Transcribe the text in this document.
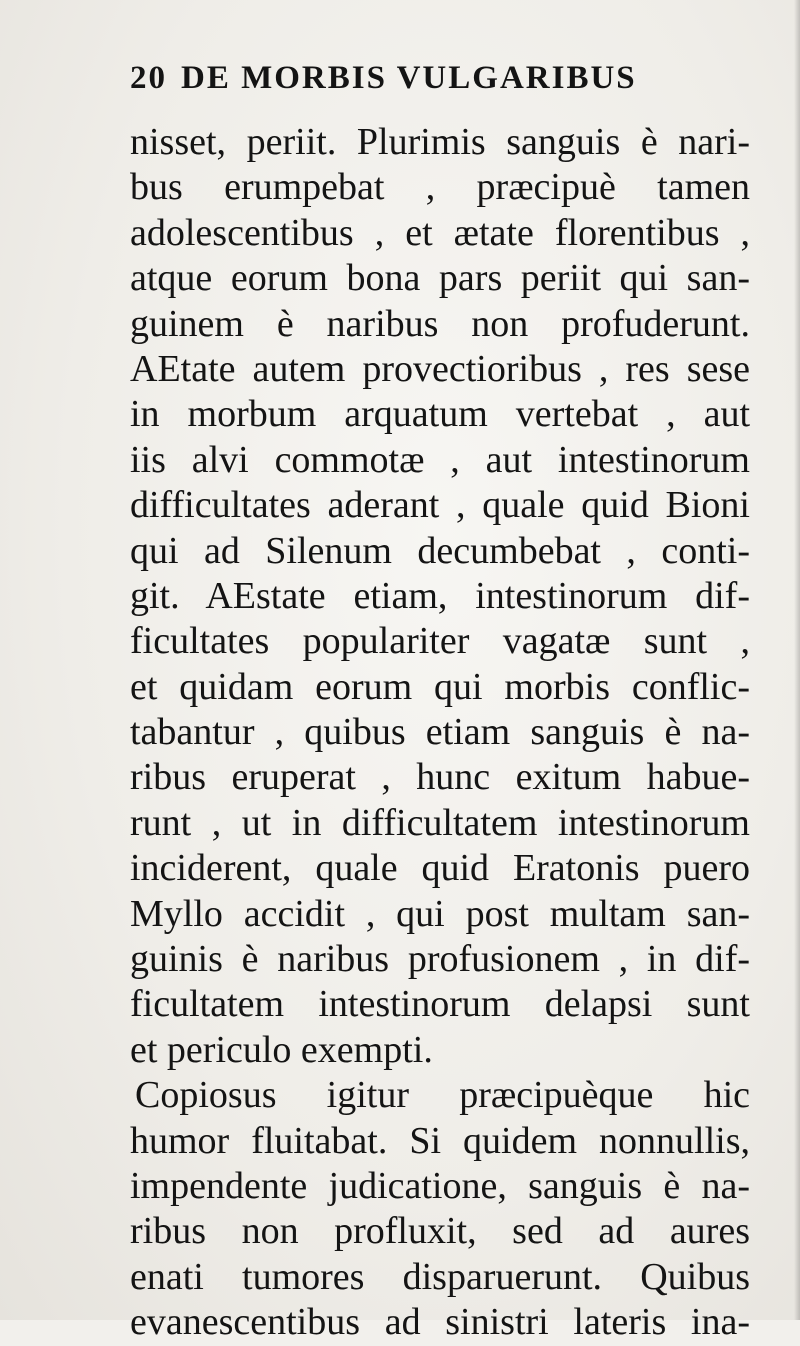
20 DE MORBIS VULGARIBUS
nisset, periit. Plurimis sanguis è nari-
bus erumpebat , præcipuè tamen
adolescentibus , et ætate florentibus ,
atque eorum bona pars periit qui san-
guinem è naribus non profuderunt.
AEtate autem provectioribus , res sese
in morbum arquatum vertebat , aut
iis alvi commotæ , aut intestinorum
difficultates aderant , quale quid Bioni
qui ad Silenum decumbebat , conti-
git. AEstate etiam, intestinorum dif-
ficultates populariter vagatæ sunt ,
et quidam eorum qui morbis conflic-
tabantur , quibus etiam sanguis è na-
ribus eruperat , hunc exitum habue-
runt , ut in difficultatem intestinorum
inciderent, quale quid Eratonis puero
Myllo accidit , qui post multam san-
guinis è naribus profusionem , in dif-
ficultatem intestinorum delapsi sunt
et periculo exempti.
Copiosus igitur præcipuèque hic
humor fluitabat. Si quidem nonnullis,
impendente judicatione, sanguis è na-
ribus non profluxit, sed ad aures
enati tumores disparuerunt. Quibus
evanescentibus ad sinistri lateris ina-
